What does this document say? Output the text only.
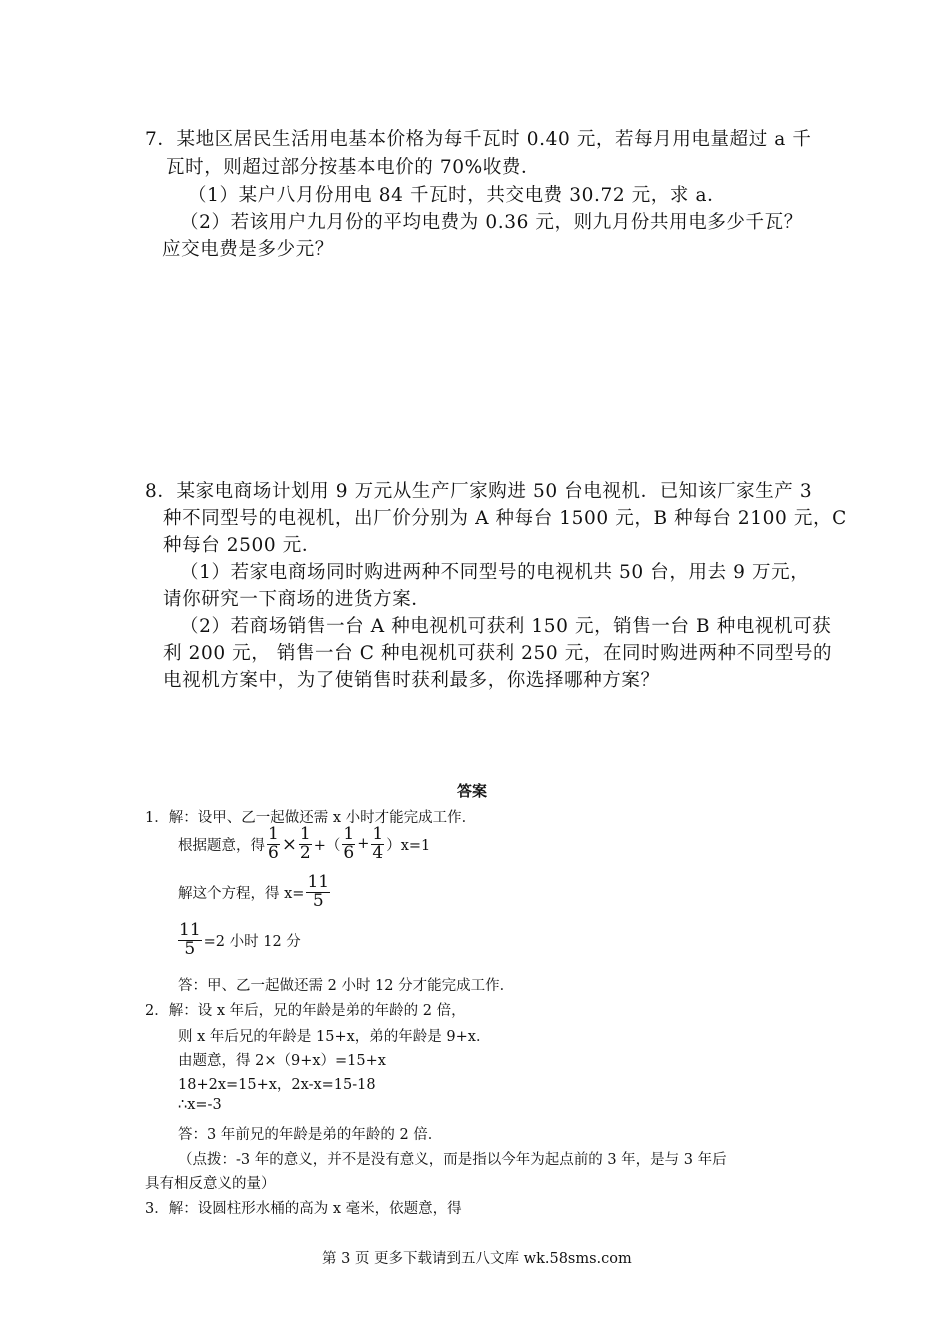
7．某地区居民生活用电基本价格为每千瓦时 0.40 元，若每月用电量超过 a 千
瓦时，则超过部分按基本电价的 70%收费．
（1）某户八月份用电 84 千瓦时，共交电费 30.72 元，求 a．
（2）若该用户九月份的平均电费为 0.36 元，则九月份共用电多少千瓦？
应交电费是多少元？
8．某家电商场计划用 9 万元从生产厂家购进 50 台电视机．已知该厂家生产 3
种不同型号的电视机，出厂价分别为 A 种每台 1500 元，B 种每台 2100 元，C
种每台 2500 元．
（1）若家电商场同时购进两种不同型号的电视机共 50 台，用去 9 万元，
请你研究一下商场的进货方案．
（2）若商场销售一台 A 种电视机可获利 150 元，销售一台 B 种电视机可获
利 200 元， 销售一台 C 种电视机可获利 250 元，在同时购进两种不同型号的
电视机方案中，为了使销售时获利最多，你选择哪种方案？
答案
1．解：设甲、乙一起做还需 x 小时才能完成工作．
根据题意，得 $\frac{1}{6} \times \frac{1}{2}$ +（ $\frac{1}{6} + \frac{1}{4} )x=1$
解这个方程，得 $x= \frac{11}{5}$
$\frac{11}{5} =2$ 小时 12 分
答：甲、乙一起做还需 2 小时 12 分才能完成工作．
2．解：设 x 年后，兄的年龄是弟的年龄的 2 倍，
则 x 年后兄的年龄是 15+x，弟的年龄是 9+x．
由题意，得 2×（9+x）=15+x
18+2x=15+x，2x-x=15-18
∴x=-3
答：3 年前兄的年龄是弟的年龄的 2 倍．
（点拨：-3 年的意义，并不是没有意义，而是指以今年为起点前的 3 年，是与 3 年后
具有相反意义的量）
3．解：设圆柱形水桶的高为 x 毫米，依题意，得
第 3 页 更多下载请到五八文库 wk.58sms.com
